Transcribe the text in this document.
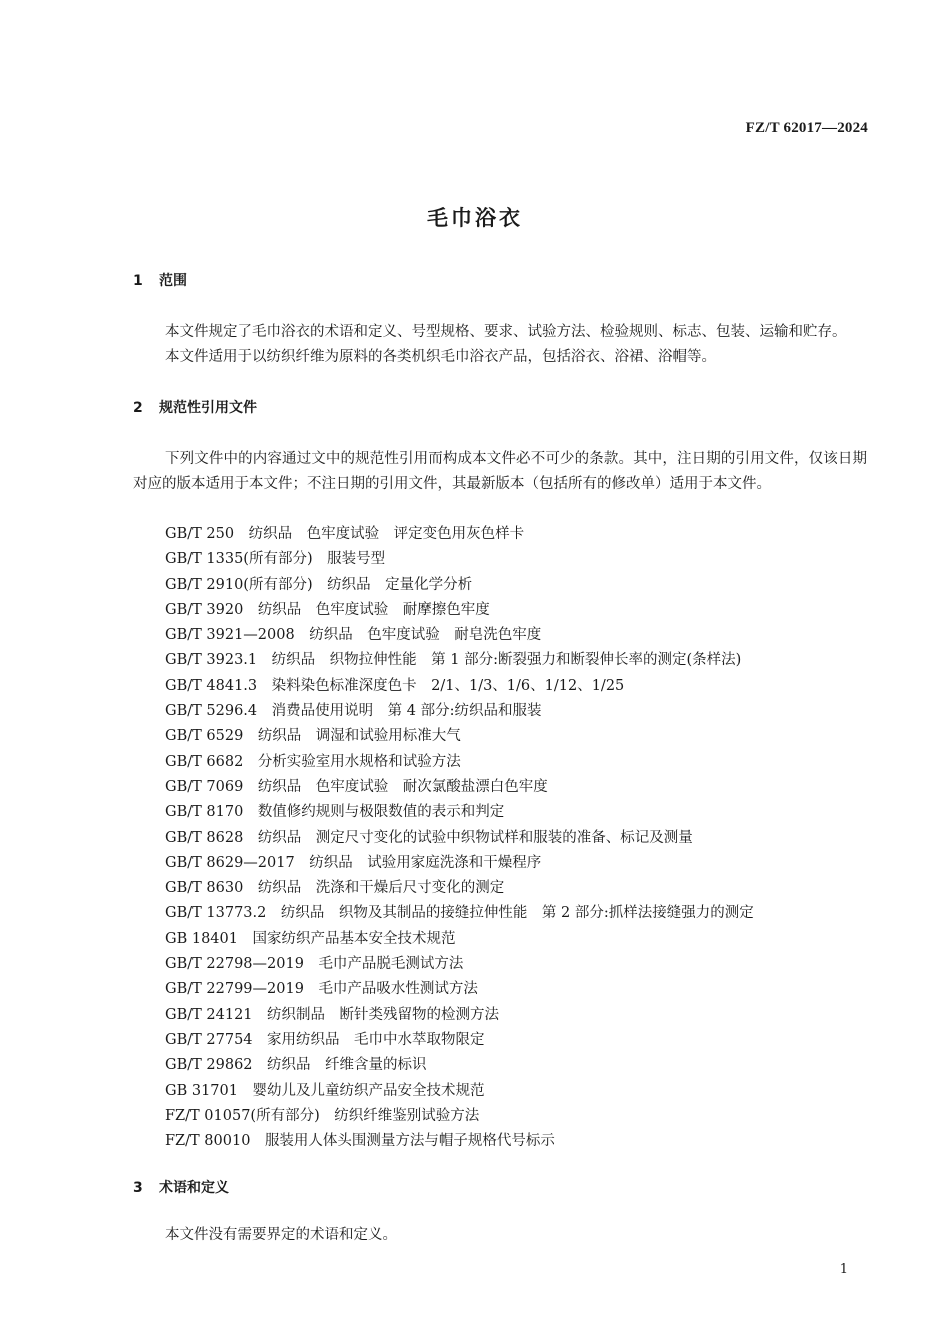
FZ/T 62017—2024
毛巾浴衣
1 范围
本文件规定了毛巾浴衣的术语和定义、号型规格、要求、试验方法、检验规则、标志、包装、运输和贮存。
本文件适用于以纺织纤维为原料的各类机织毛巾浴衣产品，包括浴衣、浴裙、浴帽等。
2 规范性引用文件
下列文件中的内容通过文中的规范性引用而构成本文件必不可少的条款。其中，注日期的引用文件，仅该日期对应的版本适用于本文件；不注日期的引用文件，其最新版本（包括所有的修改单）适用于本文件。
GB/T 250　 纺织品　色牢度试验　评定变色用灰色样卡
GB/T 1335(所有部分)　 服装号型
GB/T 2910(所有部分)　 纺织品　定量化学分析
GB/T 3920　 纺织品　色牢度试验　耐摩擦色牢度
GB/T 3921—2008　 纺织品　色牢度试验　耐皂洗色牢度
GB/T 3923.1　 纺织品　织物拉伸性能　第 1 部分:断裂强力和断裂伸长率的测定(条样法)
GB/T 4841.3　 染料染色标准深度色卡　2/1、1/3、1/6、1/12、1/25
GB/T 5296.4　 消费品使用说明　第 4 部分:纺织品和服装
GB/T 6529　 纺织品　调湿和试验用标准大气
GB/T 6682　 分析实验室用水规格和试验方法
GB/T 7069　 纺织品　色牢度试验　耐次氯酸盐漂白色牢度
GB/T 8170　 数值修约规则与极限数值的表示和判定
GB/T 8628　 纺织品　测定尺寸变化的试验中织物试样和服装的准备、标记及测量
GB/T 8629—2017　 纺织品　试验用家庭洗涤和干燥程序
GB/T 8630　 纺织品　洗涤和干燥后尺寸变化的测定
GB/T 13773.2　 纺织品　织物及其制品的接缝拉伸性能　第 2 部分:抓样法接缝强力的测定
GB 18401　 国家纺织产品基本安全技术规范
GB/T 22798—2019　 毛巾产品脱毛测试方法
GB/T 22799—2019　 毛巾产品吸水性测试方法
GB/T 24121　 纺织制品　断针类残留物的检测方法
GB/T 27754　 家用纺织品　毛巾中水萃取物限定
GB/T 29862　 纺织品　纤维含量的标识
GB 31701　 婴幼儿及儿童纺织产品安全技术规范
FZ/T 01057(所有部分)　 纺织纤维鉴别试验方法
FZ/T 80010　 服装用人体头围测量方法与帽子规格代号标示
3 术语和定义
本文件没有需要界定的术语和定义。
1
